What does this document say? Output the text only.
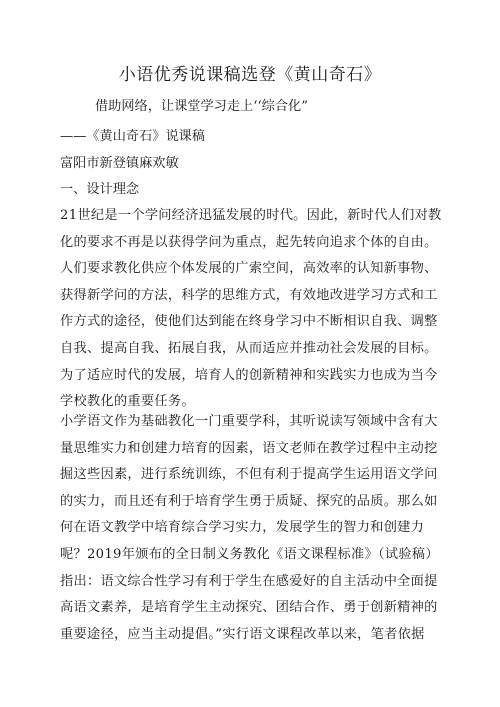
小语优秀说课稿选登《黄山奇石》
借助网络，让课堂学习走上‘‘综合化”
——《黄山奇石》说课稿
富阳市新登镇麻欢敏
一、设计理念
21世纪是一个学问经济迅猛发展的时代。因此，新时代人们对教
化的要求不再是以获得学问为重点，起先转向追求个体的自由。
人们要求教化供应个体发展的广索空间，高效率的认知新事物、
获得新学问的方法，科学的思维方式，有效地改进学习方式和工
作方式的途径，使他们达到能在终身学习中不断相识自我、调整
自我、提高自我、拓展自我，从而适应并推动社会发展的目标。
为了适应时代的发展，培育人的创新精神和实践实力也成为当今
学校教化的重要任务。
小学语文作为基础教化一门重要学科，其听说读写领域中含有大
量思维实力和创建力培育的因素，语文老师在教学过程中主动挖
掘这些因素，进行系统训练，不但有利于提高学生运用语文学问
的实力，而且还有利于培育学生勇于质疑、探究的品质。那么如
何在语文教学中培育综合学习实力，发展学生的智力和创建力
呢？2019年颁布的全日制义务教化《语文课程标准》（试验稿）
指出：语文综合性学习有利于学生在感爱好的自主活动中全面提
高语文素养，是培育学生主动探究、团结合作、勇于创新精神的
重要途径，应当主动提倡。”实行语文课程改革以来，笔者依据
